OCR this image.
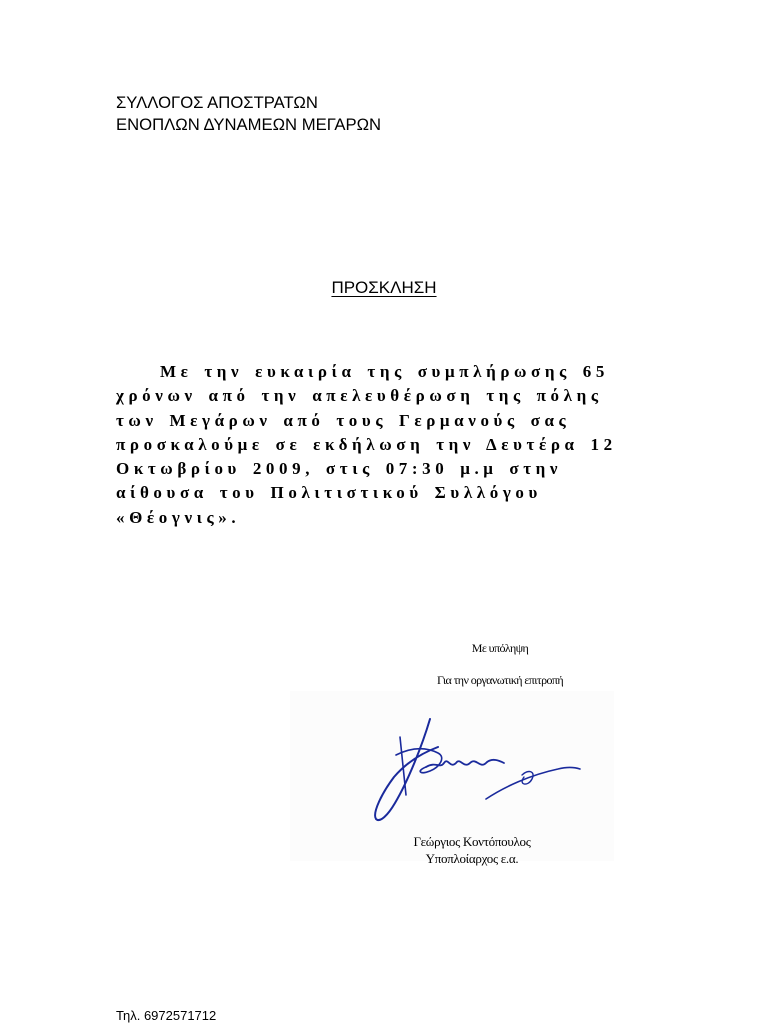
ΣΥΛΛΟΓΟΣ ΑΠΟΣΤΡΑΤΩΝ
ΕΝΟΠΛΩΝ ΔΥΝΑΜΕΩΝ ΜΕΓΑΡΩΝ
ΠΡΟΣΚΛΗΣΗ
Με την ευκαιρία της συμπλήρωσης 65
χρόνων από την απελευθέρωση της πόλης
των Μεγάρων από τους Γερμανούς σας
προσκαλούμε σε εκδήλωση την Δευτέρα 12
Οκτωβρίου 2009, στις 07:30 μ.μ στην
αίθουσα του Πολιτιστικού Συλλόγου
«Θέογνις».
Με υπόληψη
Για την οργανωτική επιτροπή
Γεώργιος Κοντόπουλος
Υποπλοίαρχος ε.α.
Τηλ. 6972571712
